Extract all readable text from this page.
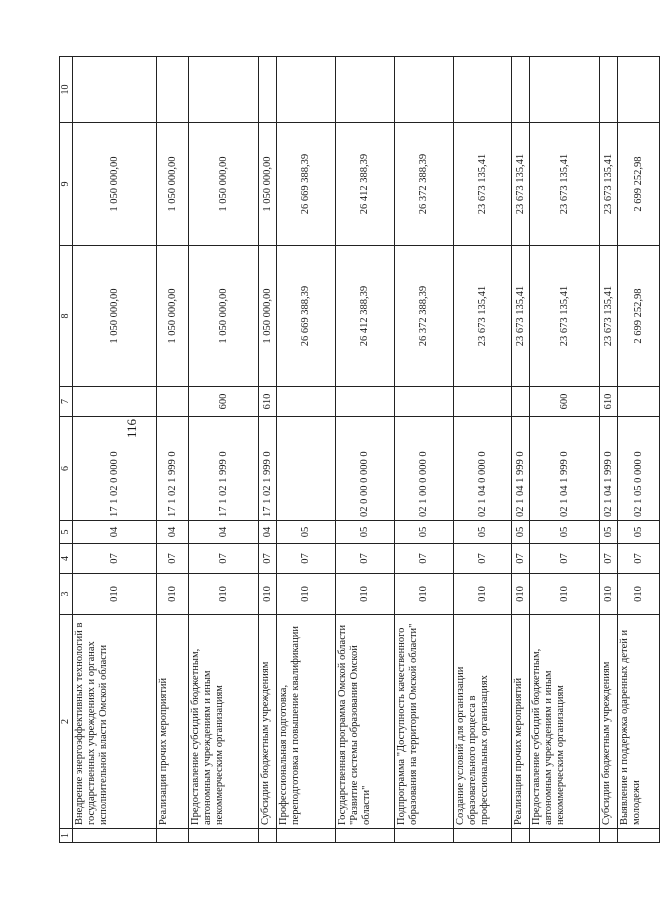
116
1	2	3	4	5	6	7	8	9	10
	Внедрение энергоэффективных технологий в государственных учреждениях и органах исполнительной власти Омской области	010	07	04	17 1 02 0 000 0		1 050 000,00	1 050 000,00	
	Реализация прочих мероприятий	010	07	04	17 1 02 1 999 0		1 050 000,00	1 050 000,00	
	Предоставление субсидий бюджетным, автономным учреждениям и иным некоммерческим организациям	010	07	04	17 1 02 1 999 0	600	1 050 000,00	1 050 000,00	
	Субсидии бюджетным учреждениям	010	07	04	17 1 02 1 999 0	610	1 050 000,00	1 050 000,00	
	Профессиональная подготовка, переподготовка и повышение квалификации	010	07	05			26 669 388,39	26 669 388,39	
	Государственная программа Омской области "Развитие системы образования Омской области"	010	07	05	02 0 00 0 000 0		26 412 388,39	26 412 388,39	
	Подпрограмма "Доступность качественного образования на территории Омской области"	010	07	05	02 1 00 0 000 0		26 372 388,39	26 372 388,39	
	Создание условий для организации образовательного процесса в профессиональных организациях	010	07	05	02 1 04 0 000 0		23 673 135,41	23 673 135,41	
	Реализация прочих мероприятий	010	07	05	02 1 04 1 999 0		23 673 135,41	23 673 135,41	
	Предоставление субсидий бюджетным, автономным учреждениям и иным некоммерческим организациям	010	07	05	02 1 04 1 999 0	600	23 673 135,41	23 673 135,41	
	Субсидии бюджетным учреждениям	010	07	05	02 1 04 1 999 0	610	23 673 135,41	23 673 135,41	
	Выявление и поддержка одаренных детей и молодежи	010	07	05	02 1 05 0 000 0		2 699 252,98	2 699 252,98	
